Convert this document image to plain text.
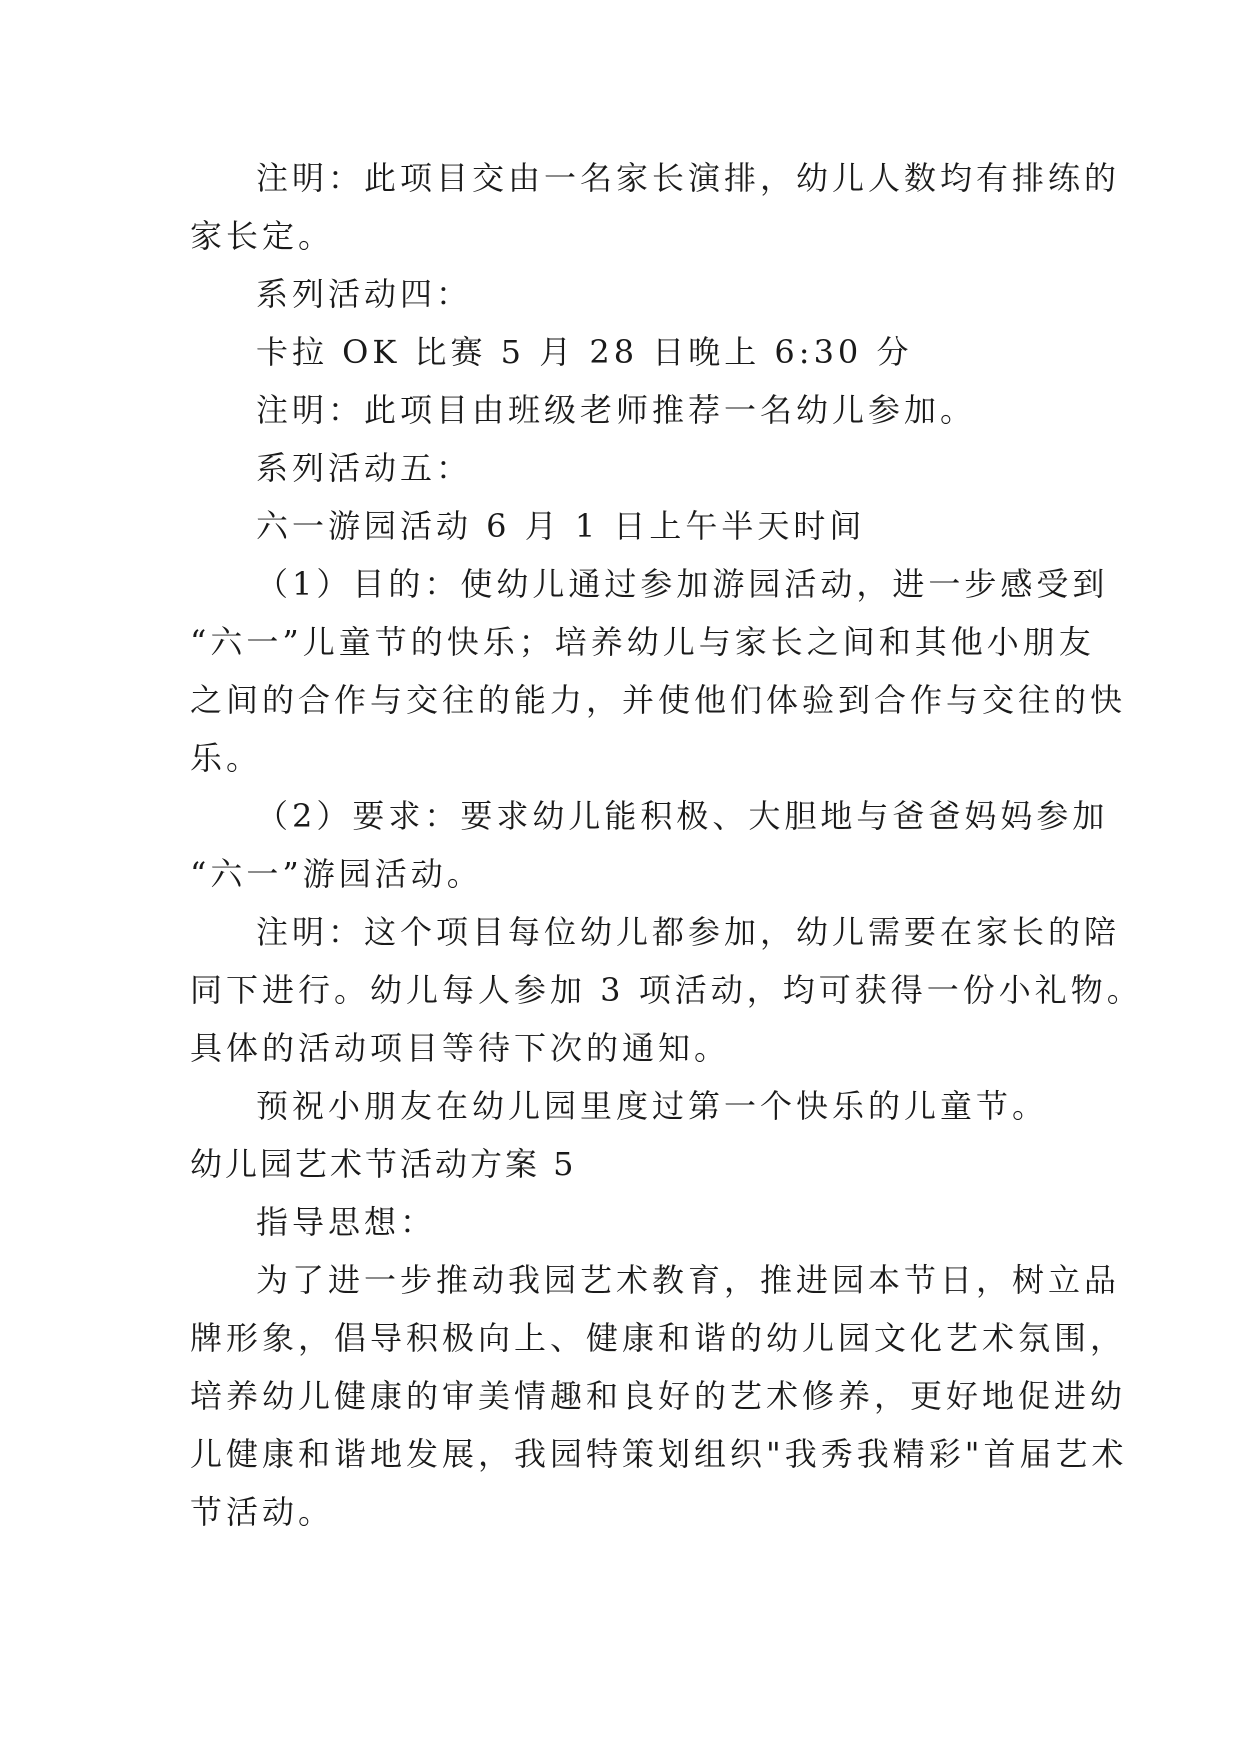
注明：此项目交由一名家长演排，幼儿人数均有排练的
家长定。
系列活动四：
卡拉 OK 比赛 5 月 28 日晚上 6:30 分
注明：此项目由班级老师推荐一名幼儿参加。
系列活动五：
六一游园活动 6 月 1 日上午半天时间
（1）目的：使幼儿通过参加游园活动，进一步感受到
“六一”儿童节的快乐；培养幼儿与家长之间和其他小朋友
之间的合作与交往的能力，并使他们体验到合作与交往的快
乐。
（2）要求：要求幼儿能积极、大胆地与爸爸妈妈参加
“六一”游园活动。
注明：这个项目每位幼儿都参加，幼儿需要在家长的陪
同下进行。幼儿每人参加 3 项活动，均可获得一份小礼物。
具体的活动项目等待下次的通知。
预祝小朋友在幼儿园里度过第一个快乐的儿童节。
幼儿园艺术节活动方案 5
指导思想：
为了进一步推动我园艺术教育，推进园本节日，树立品
牌形象，倡导积极向上、健康和谐的幼儿园文化艺术氛围，
培养幼儿健康的审美情趣和良好的艺术修养，更好地促进幼
儿健康和谐地发展，我园特策划组织"我秀我精彩"首届艺术
节活动。
